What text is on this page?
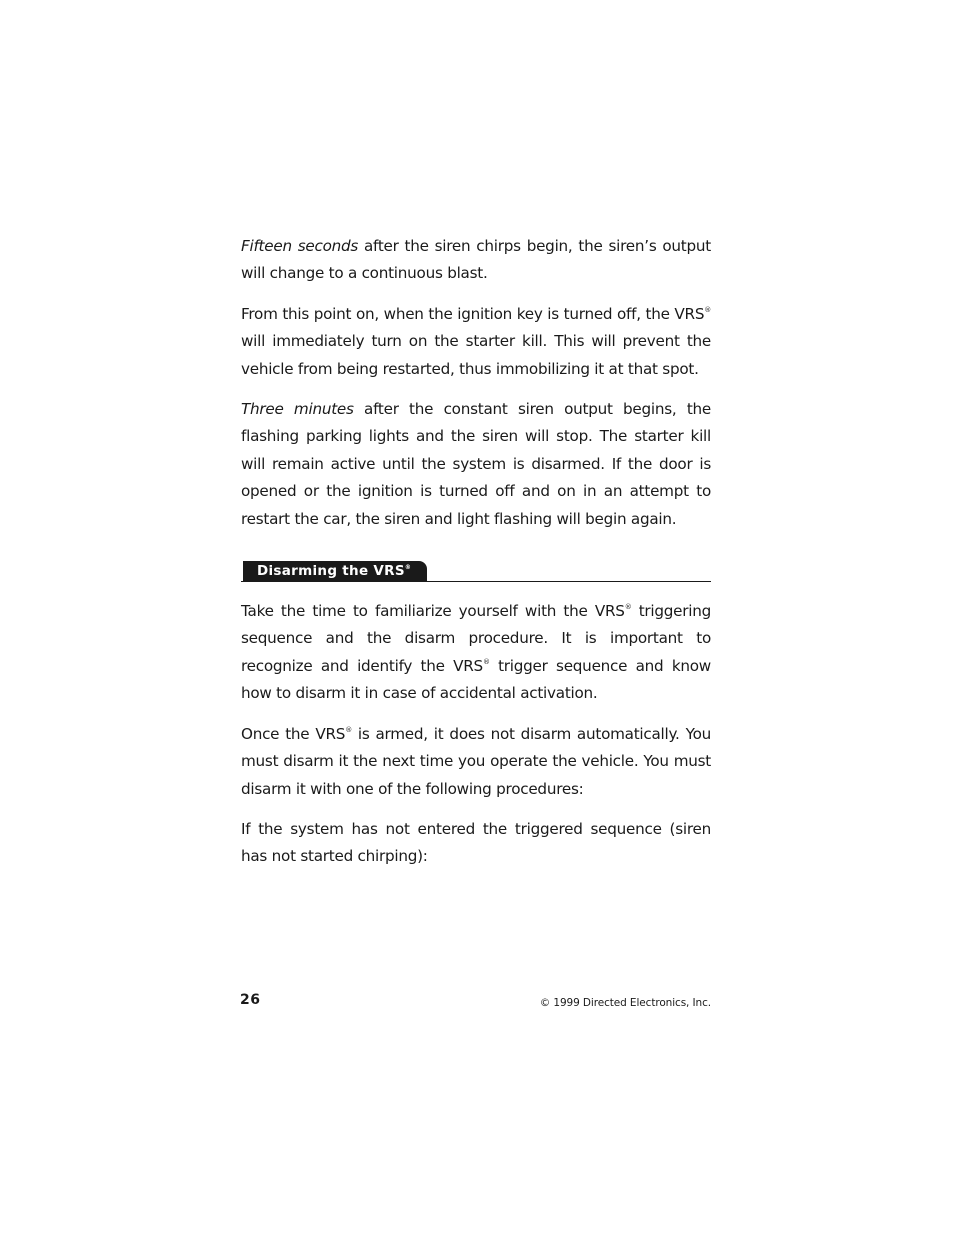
Fifteen seconds after the siren chirps begin, the siren’s output will change to a continuous blast.

From this point on, when the ignition key is turned off, the VRS® will immediately turn on the starter kill. This will prevent the vehicle from being restarted, thus immobilizing it at that spot.

Three minutes after the constant siren output begins, the flashing parking lights and the siren will stop. The starter kill will remain active until the system is disarmed. If the door is opened or the ignition is turned off and on in an attempt to restart the car, the siren and light flashing will begin again.

Disarming the VRS®

Take the time to familiarize yourself with the VRS® triggering sequence and the disarm procedure. It is important to recognize and identify the VRS® trigger sequence and know how to disarm it in case of accidental activation.

Once the VRS® is armed, it does not disarm automatically. You must disarm it the next time you operate the vehicle. You must disarm it with one of the following procedures:

If the system has not entered the triggered sequence (siren has not started chirping):

26	© 1999 Directed Electronics, Inc.
